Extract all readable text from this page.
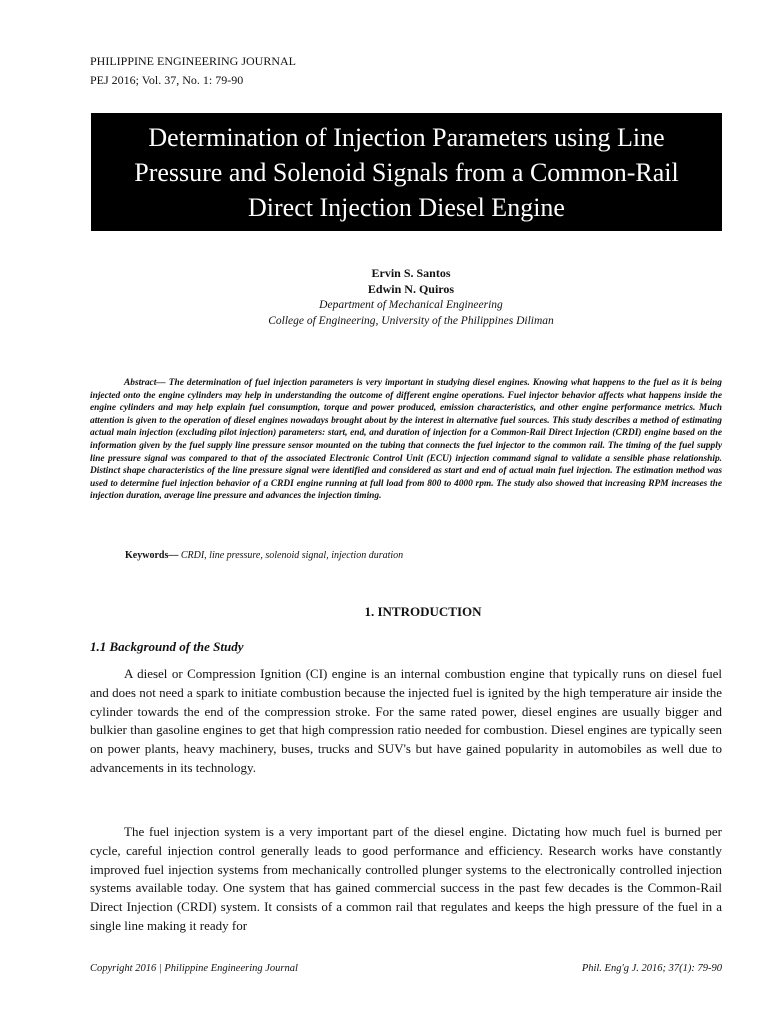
PHILIPPINE ENGINEERING JOURNAL
PEJ 2016; Vol. 37, No. 1: 79-90
Determination of Injection Parameters using Line Pressure and Solenoid Signals from a Common-Rail Direct Injection Diesel Engine
Ervin S. Santos
Edwin N. Quiros
Department of Mechanical Engineering
College of Engineering, University of the Philippines Diliman

Abstract— The determination of fuel injection parameters is very important in studying diesel engines. Knowing what happens to the fuel as it is being injected onto the engine cylinders may help in understanding the outcome of different engine operations. Fuel injector behavior affects what happens inside the engine cylinders and may help explain fuel consumption, torque and power produced, emission characteristics, and other engine performance metrics. Much attention is given to the operation of diesel engines nowadays brought about by the interest in alternative fuel sources. This study describes a method of estimating actual main injection (excluding pilot injection) parameters: start, end, and duration of injection for a Common-Rail Direct Injection (CRDI) engine based on the information given by the fuel supply line pressure sensor mounted on the tubing that connects the fuel injector to the common rail. The timing of the fuel supply line pressure signal was compared to that of the associated Electronic Control Unit (ECU) injection command signal to validate a sensible phase relationship. Distinct shape characteristics of the line pressure signal were identified and considered as start and end of actual main fuel injection. The estimation method was used to determine fuel injection behavior of a CRDI engine running at full load from 800 to 4000 rpm. The study also showed that increasing RPM increases the injection duration, average line pressure and advances the injection timing.

Keywords— CRDI, line pressure, solenoid signal, injection duration
1. INTRODUCTION
1.1 Background of the Study

A diesel or Compression Ignition (CI) engine is an internal combustion engine that typically runs on diesel fuel and does not need a spark to initiate combustion because the injected fuel is ignited by the high temperature air inside the cylinder towards the end of the compression stroke. For the same rated power, diesel engines are usually bigger and bulkier than gasoline engines to get that high compression ratio needed for combustion. Diesel engines are typically seen on power plants, heavy machinery, buses, trucks and SUV's but have gained popularity in automobiles as well due to advancements in its technology.

The fuel injection system is a very important part of the diesel engine. Dictating how much fuel is burned per cycle, careful injection control generally leads to good performance and efficiency. Research works have constantly improved fuel injection systems from mechanically controlled plunger systems to the electronically controlled injection systems available today. One system that has gained commercial success in the past few decades is the Common-Rail Direct Injection (CRDI) system. It consists of a common rail that regulates and keeps the high pressure of the fuel in a single line making it ready for

Copyright 2016 | Philippine Engineering Journal	Phil. Eng'g J. 2016; 37(1): 79-90
